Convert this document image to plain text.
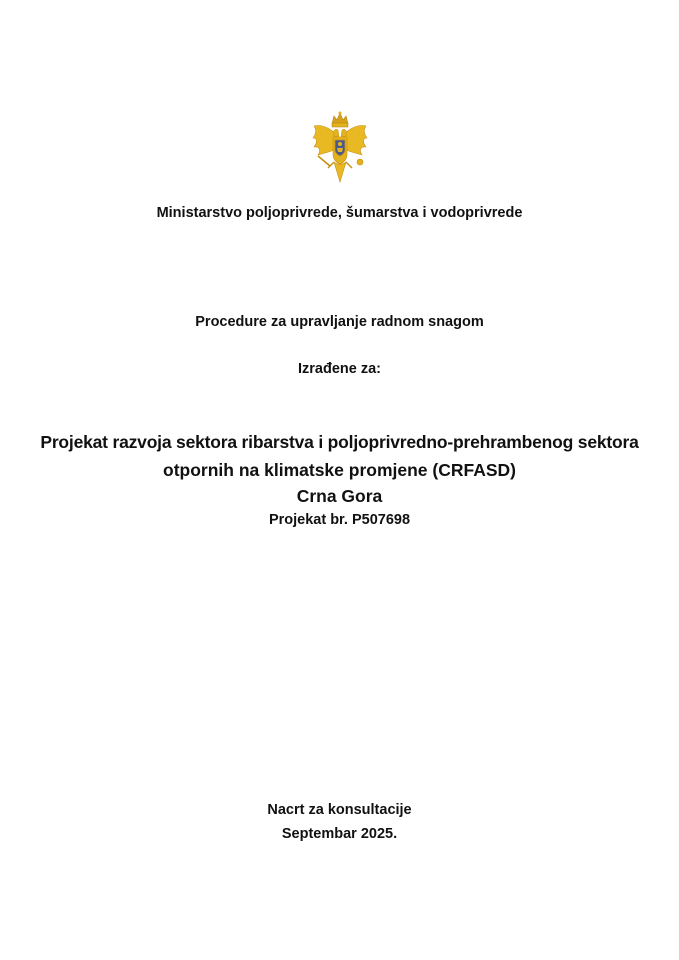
Ministarstvo poljoprivrede, šumarstva i vodoprivrede
Procedure za upravljanje radnom snagom
Izrađene za:
Projekat razvoja sektora ribarstva i poljoprivredno-prehrambenog sektora
otpornih na klimatske promjene (CRFASD)
Crna Gora
Projekat br. P507698
Nacrt za konsultacije
Septembar 2025.
